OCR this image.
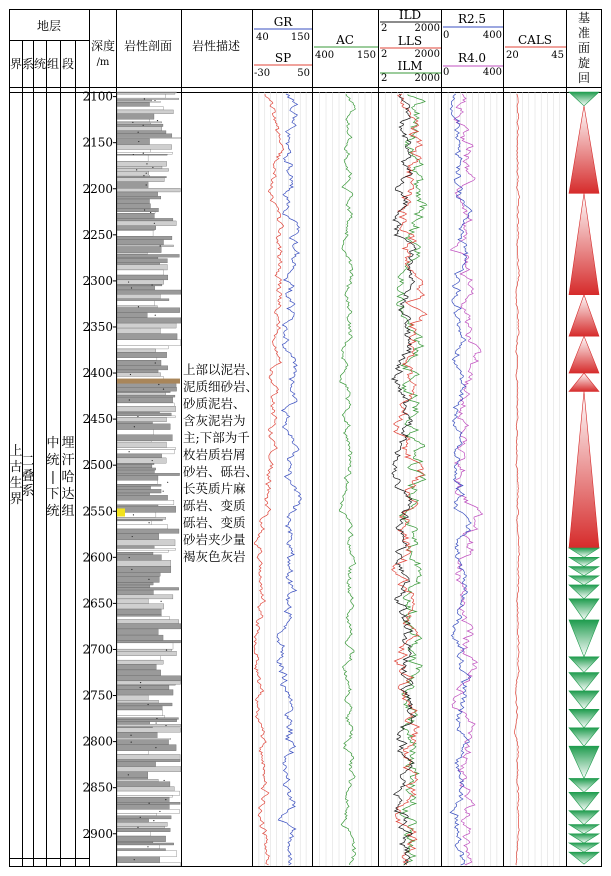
地层
界 系 统 组 段
深度
/m
岩性剖面 岩性描述
GR
40 150
SP
-30	50
AC
400 150
ILD
2	2000
LLS
2	2000
ILM
2	2000
R2.5
0	400
R4.0
0	400
CALS
20	45
基
准
面
旋
回
上古生界
二叠系
中统|下统
埋汗哈达组
2100
2150
2200
2250
2300
2350
2400
2450
2500
2550
2600
2650
2700
2750
2800
2850
2900
上部以泥岩、
泥质细砂岩、
砂质泥岩、
含灰泥岩为
主;下部为千
枚岩质岩屑
砂岩、砾岩、
长英质片麻
砾岩、变质
砾岩、变质
砂岩夹少量
褐灰色灰岩
